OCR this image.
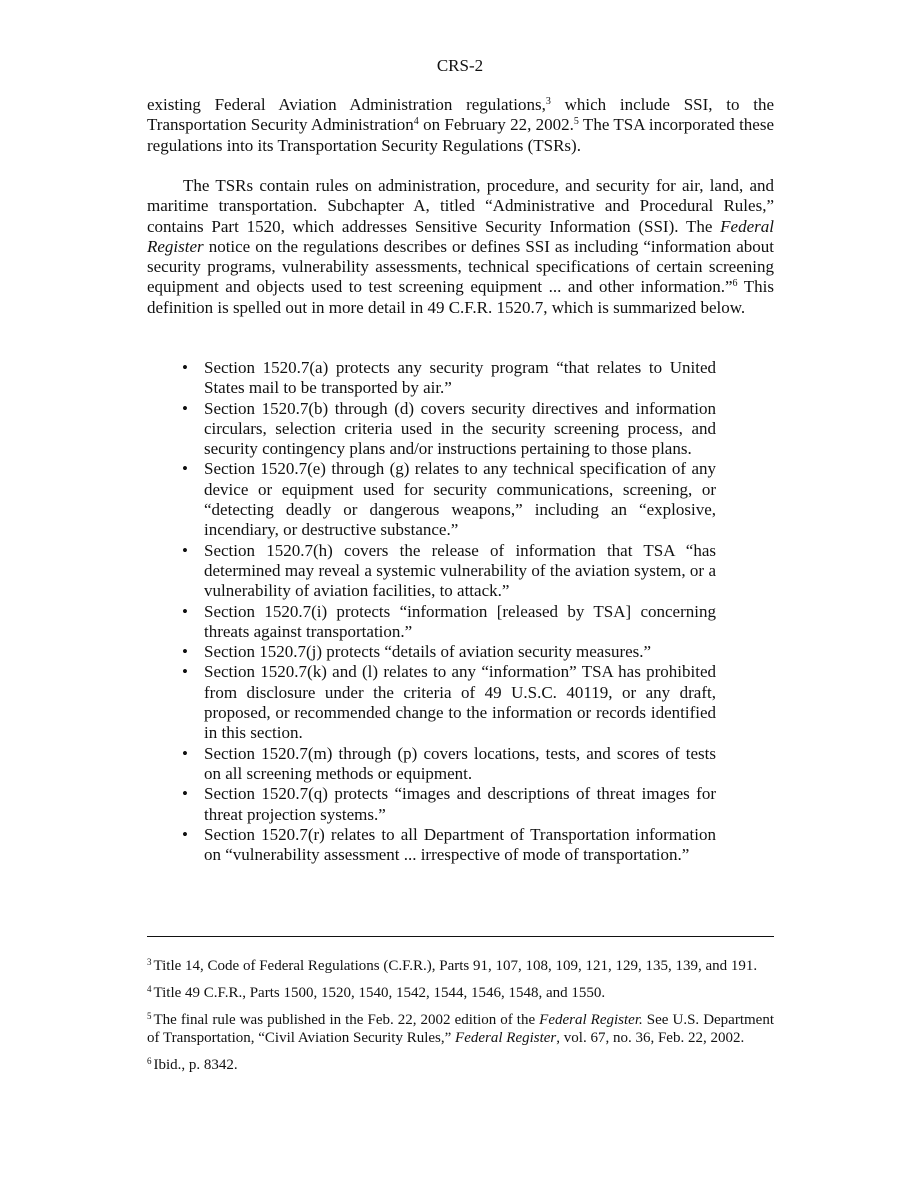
CRS-2

existing Federal Aviation Administration regulations,$^3$ which include SSI, to the Transportation Security Administration$^4$ on February 22, 2002.$^5$ The TSA incorporated these regulations into its Transportation Security Regulations (TSRs).

The TSRs contain rules on administration, procedure, and security for air, land, and maritime transportation. Subchapter A, titled “Administrative and Procedural Rules,” contains Part 1520, which addresses Sensitive Security Information (SSI). The Federal Register notice on the regulations describes or defines SSI as including “information about security programs, vulnerability assessments, technical specifications of certain screening equipment and objects used to test screening equipment ... and other information.”$^6$ This definition is spelled out in more detail in 49 C.F.R. 1520.7, which is summarized below.

• Section 1520.7(a) protects any security program “that relates to United States mail to be transported by air.”
• Section 1520.7(b) through (d) covers security directives and information circulars, selection criteria used in the security screening process, and security contingency plans and/or instructions pertaining to those plans.
• Section 1520.7(e) through (g) relates to any technical specification of any device or equipment used for security communications, screening, or “detecting deadly or dangerous weapons,” including an “explosive, incendiary, or destructive substance.”
• Section 1520.7(h) covers the release of information that TSA “has determined may reveal a systemic vulnerability of the aviation system, or a vulnerability of aviation facilities, to attack.”
• Section 1520.7(i) protects “information [released by TSA] concerning threats against transportation.”
• Section 1520.7(j) protects “details of aviation security measures.”
• Section 1520.7(k) and (l) relates to any “information” TSA has prohibited from disclosure under the criteria of 49 U.S.C. 40119, or any draft, proposed, or recommended change to the information or records identified in this section.
• Section 1520.7(m) through (p) covers locations, tests, and scores of tests on all screening methods or equipment.
• Section 1520.7(q) protects “images and descriptions of threat images for threat projection systems.”
• Section 1520.7(r) relates to all Department of Transportation information on “vulnerability assessment ... irrespective of mode of transportation.”

$^3$ Title 14, Code of Federal Regulations (C.F.R.), Parts 91, 107, 108, 109, 121, 129, 135, 139, and 191.

$^4$ Title 49 C.F.R., Parts 1500, 1520, 1540, 1542, 1544, 1546, 1548, and 1550.

$^5$ The final rule was published in the Feb. 22, 2002 edition of the Federal Register. See U.S. Department of Transportation, “Civil Aviation Security Rules,” Federal Register, vol. 67, no. 36, Feb. 22, 2002.

$^6$ Ibid., p. 8342.
